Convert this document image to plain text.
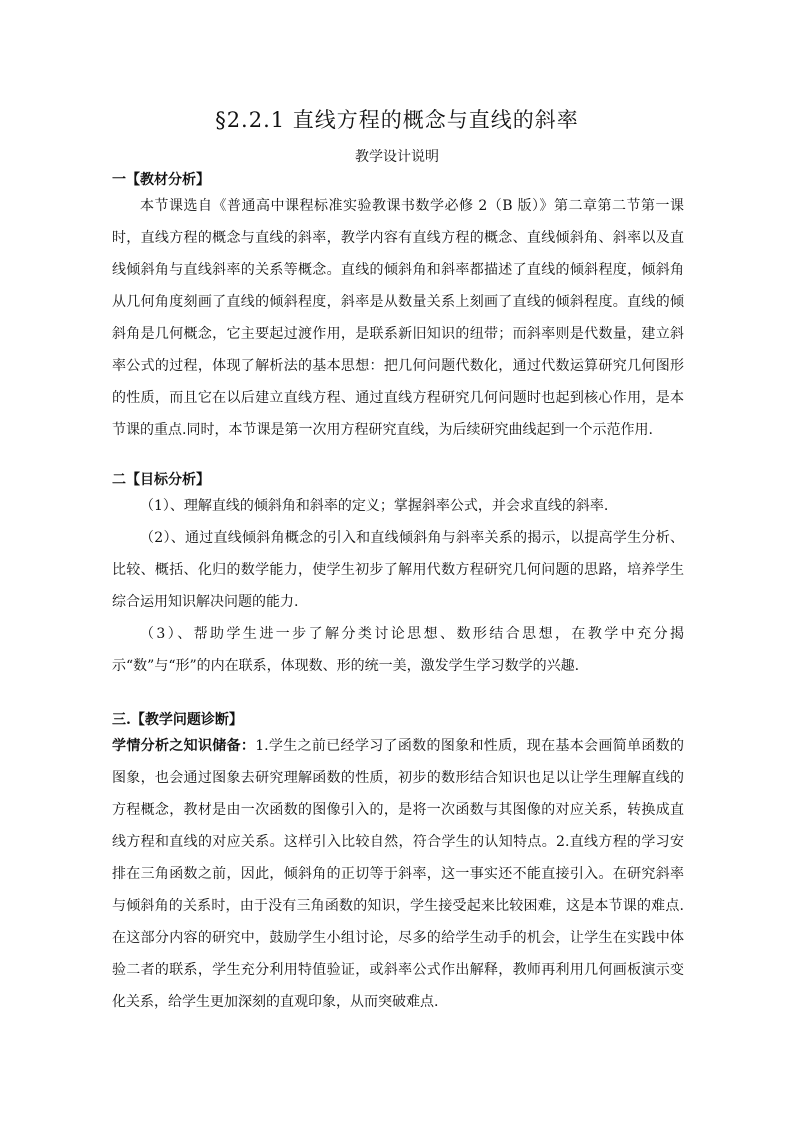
§2.2.1 直线方程的概念与直线的斜率
教学设计说明
一【教材分析】

本节课选自《普通高中课程标准实验教课书数学必修 2（B 版）》第二章第二节第一课时，直线方程的概念与直线的斜率，教学内容有直线方程的概念、直线倾斜角、斜率以及直线倾斜角与直线斜率的关系等概念。直线的倾斜角和斜率都描述了直线的倾斜程度，倾斜角从几何角度刻画了直线的倾斜程度，斜率是从数量关系上刻画了直线的倾斜程度。直线的倾斜角是几何概念，它主要起过渡作用，是联系新旧知识的纽带；而斜率则是代数量，建立斜率公式的过程，体现了解析法的基本思想：把几何问题代数化，通过代数运算研究几何图形的性质，而且它在以后建立直线方程、通过直线方程研究几何问题时也起到核心作用，是本节课的重点.同时，本节课是第一次用方程研究直线，为后续研究曲线起到一个示范作用.

二【目标分析】

（1）、理解直线的倾斜角和斜率的定义；掌握斜率公式，并会求直线的斜率.

（2）、通过直线倾斜角概念的引入和直线倾斜角与斜率关系的揭示，以提高学生分析、比较、概括、化归的数学能力，使学生初步了解用代数方程研究几何问题的思路，培养学生综合运用知识解决问题的能力.

（3）、帮助学生进一步了解分类讨论思想、数形结合思想，在教学中充分揭示“数”与“形”的内在联系，体现数、形的统一美，激发学生学习数学的兴趣.

三.【教学问题诊断】

学情分析之知识储备：1.学生之前已经学习了函数的图象和性质，现在基本会画简单函数的图象，也会通过图象去研究理解函数的性质，初步的数形结合知识也足以让学生理解直线的方程概念，教材是由一次函数的图像引入的，是将一次函数与其图像的对应关系，转换成直线方程和直线的对应关系。这样引入比较自然，符合学生的认知特点。2.直线方程的学习安排在三角函数之前，因此，倾斜角的正切等于斜率，这一事实还不能直接引入。在研究斜率与倾斜角的关系时，由于没有三角函数的知识，学生接受起来比较困难，这是本节课的难点.在这部分内容的研究中，鼓励学生小组讨论，尽多的给学生动手的机会，让学生在实践中体验二者的联系，学生充分利用特值验证，或斜率公式作出解释，教师再利用几何画板演示变化关系，给学生更加深刻的直观印象，从而突破难点.
